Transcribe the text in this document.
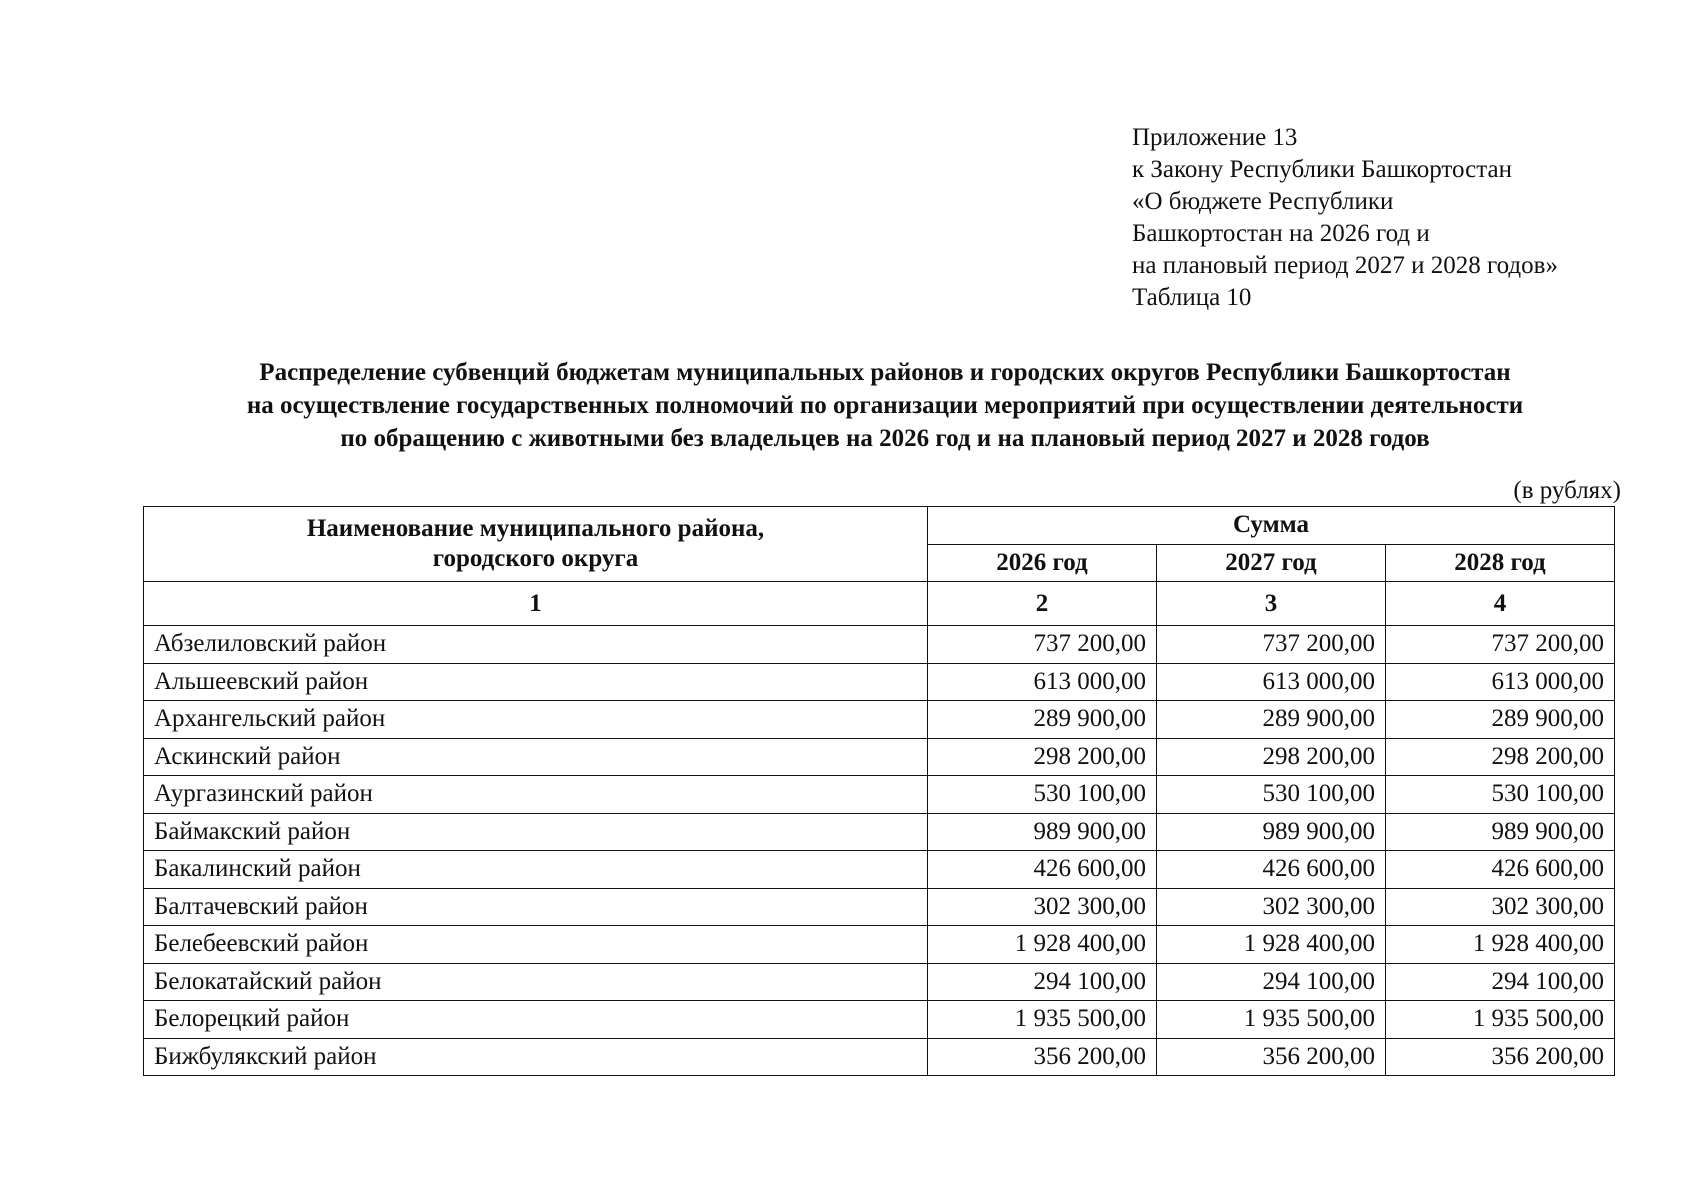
Приложение 13
к Закону Республики Башкортостан
«О бюджете Республики
Башкортостан на 2026 год и
на плановый период 2027 и 2028 годов»
Таблица 10
Распределение субвенций бюджетам муниципальных районов и городских округов Республики Башкортостан
на осуществление государственных полномочий по организации мероприятий при осуществлении деятельности
по обращению с животными без владельцев на 2026 год и на плановый период 2027 и 2028 годов
(в рублях)
Наименование муниципального района,
городского округа	Сумма		
	2026 год	2027 год	2028 год
1	2	3	4
Абзелиловский район	737 200,00	737 200,00	737 200,00
Альшеевский район	613 000,00	613 000,00	613 000,00
Архангельский район	289 900,00	289 900,00	289 900,00
Аскинский район	298 200,00	298 200,00	298 200,00
Аургазинский район	530 100,00	530 100,00	530 100,00
Баймакский район	989 900,00	989 900,00	989 900,00
Бакалинский район	426 600,00	426 600,00	426 600,00
Балтачевский район	302 300,00	302 300,00	302 300,00
Белебеевский район	1 928 400,00	1 928 400,00	1 928 400,00
Белокатайский район	294 100,00	294 100,00	294 100,00
Белорецкий район	1 935 500,00	1 935 500,00	1 935 500,00
Бижбулякский район	356 200,00	356 200,00	356 200,00
